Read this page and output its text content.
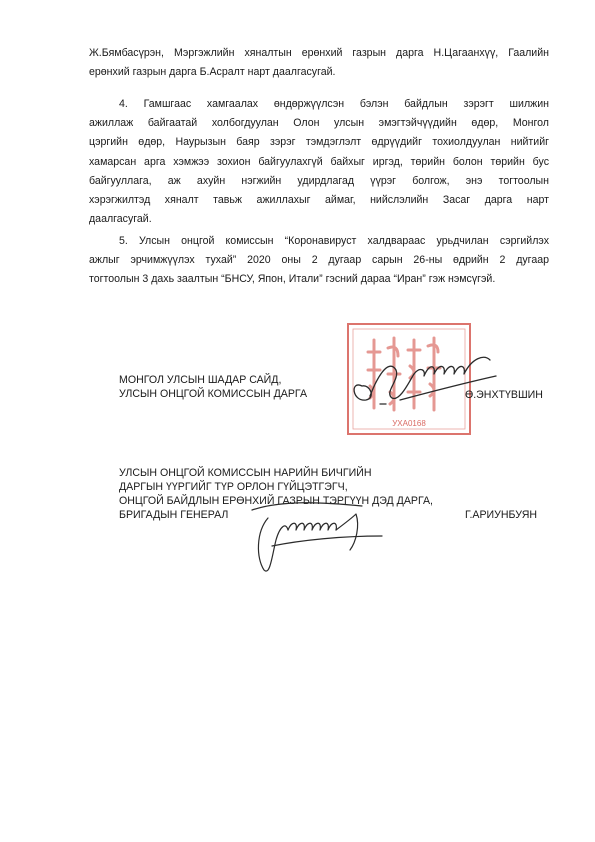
Ж.Бямбасүрэн, Мэргэжлийн хяналтын ерөнхий газрын дарга Н.Цагаанхүү, Гаалийн
ерөнхий газрын дарга Б.Асралт нарт даалгасугай.
4. Гамшгаас хамгаалах өндөржүүлсэн бэлэн байдлын зэрэгт шилжин
ажиллаж байгаатай холбогдуулан Олон улсын эмэгтэйчүүдийн өдөр, Монгол
цэргийн өдөр, Наурызын баяр зэрэг тэмдэглэлт өдрүүдийг тохиолдуулан нийтийг
хамарсан арга хэмжээ зохион байгуулахгүй байхыг иргэд, төрийн болон төрийн бус
байгууллага, аж ахуйн нэгжийн удирдлагад үүрэг болгож, энэ тогтоолын
хэрэгжилтэд хяналт тавьж ажиллахыг аймаг, нийслэлийн Засаг дарга нарт
даалгасугай.
5. Улсын онцгой комиссын “Коронавируст халдвараас урьдчилан сэргийлэх
ажлыг эрчимжүүлэх тухай” 2020 оны 2 дугаар сарын 26-ны өдрийн 2 дугаар
тогтоолын 3 дахь заалтын “БНСУ, Япон, Итали” гэсний дараа “Иран” гэж нэмсүгэй.
УХА0168
МОНГОЛ УЛСЫН ШАДАР САЙД,
УЛСЫН ОНЦГОЙ КОМИССЫН ДАРГА	Ө.ЭНХТҮВШИН
УЛСЫН ОНЦГОЙ КОМИССЫН НАРИЙН БИЧГИЙН
ДАРГЫН ҮҮРГИЙГ ТҮР ОРЛОН ГҮЙЦЭТГЭГЧ,
ОНЦГОЙ БАЙДЛЫН ЕРӨНХИЙ ГАЗРЫН ТЭРГҮҮН ДЭД ДАРГА,
БРИГАДЫН ГЕНЕРАЛ	Г.АРИУНБУЯН
